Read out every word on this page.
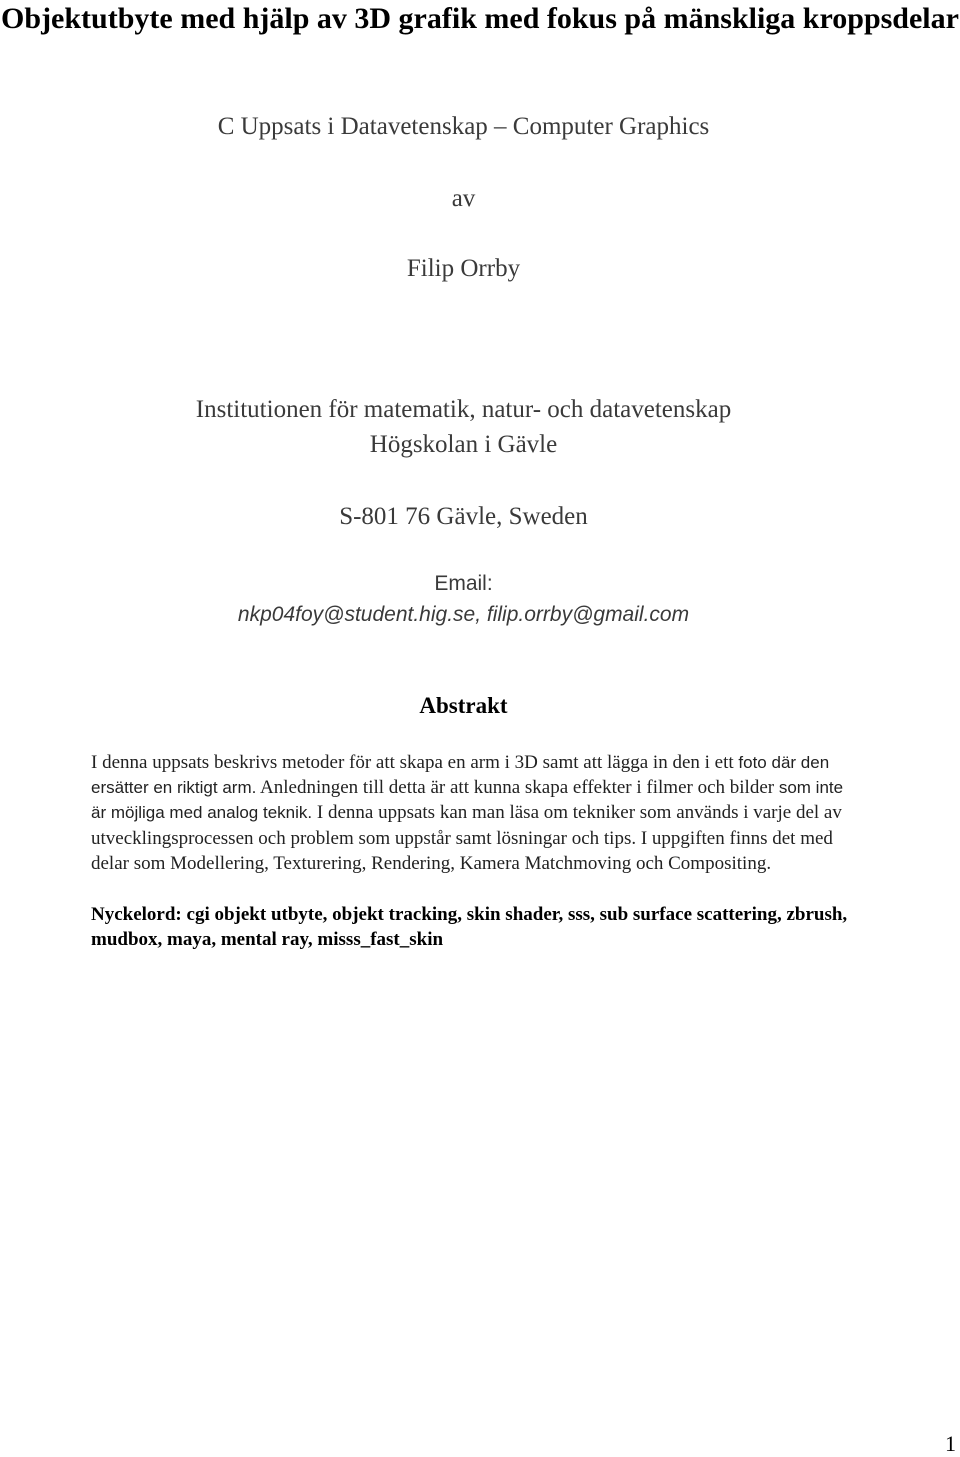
Objektutbyte med hjälp av 3D grafik med fokus på mänskliga kroppsdelar
C Uppsats i Datavetenskap – Computer Graphics
av
Filip Orrby
Institutionen för matematik, natur- och datavetenskap
Högskolan i Gävle
S-801 76 Gävle, Sweden
Email:
nkp04foy@student.hig.se, filip.orrby@gmail.com
Abstrakt

I denna uppsats beskrivs metoder för att skapa en arm i 3D samt att lägga in den i ett foto där den ersätter en riktigt arm. Anledningen till detta är att kunna skapa effekter i filmer och bilder som inte är möjliga med analog teknik. I denna uppsats kan man läsa om tekniker som används i varje del av utvecklingsprocessen och problem som uppstår samt lösningar och tips. I uppgiften finns det med delar som Modellering, Texturering, Rendering, Kamera Matchmoving och Compositing.

Nyckelord: cgi objekt utbyte, objekt tracking, skin shader, sss, sub surface scattering, zbrush, mudbox, maya, mental ray, misss_fast_skin

1
